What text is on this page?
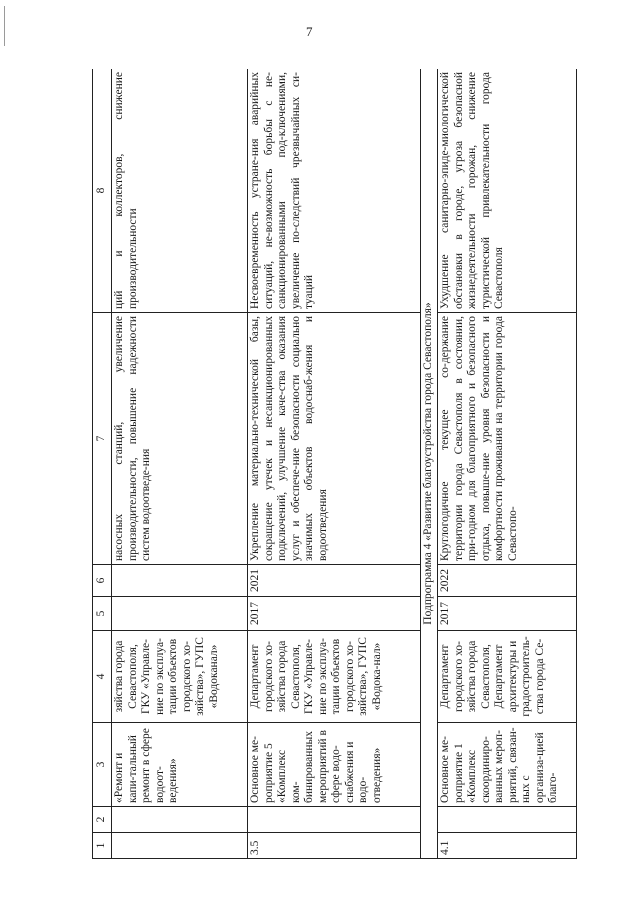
7
1	2	3	4	5	6	7	8
		«Ремонт и капи-тальный ремонт в сфере водоот-ведения»	зяйства города Севастополя, ГКУ «Управле-ние по эксплуа-тации объектов городского хо-зяйства», ГУПС «Водоканал»			насосных станций, увеличение производительности, повышение надежности систем водоотведе-ния	ций и коллекторов, снижение производительности
3.5		Основное ме-роприятие 5 «Комплекс ком-бинированных мероприятий в сфере водо-снабжения и водо-отведения»	Департамент городского хо-зяйства города Севастополя, ГКУ «Управле-ние по эксплуа-тации объектов городского хо-зяйства», ГУПС «Водока-нал»	2017	2021	Укрепление материально-технической базы, сокращение утечек и несанкционированных подключений, улучшение каче-ства оказания услуг и обеспече-ние безопасности социально значимых объектов водоснаб-жения и водоотведения	Несвоевременность устране-ния аварийных ситуаций, не-возможность борьбы с не-санкционированными под-ключениями, увеличение по-следствий чрезвычайных си-туаций
Подпрограмма 4 «Развитие благоустройства города Севастополя»							
4.1		Основное ме-роприятие 1 «Комплекс скоординиро-ванных мероп-риятий, связан-ных с организа-цией благо-	Департамент городского хо-зяйства города Севастополя, Департамент архитектуры и градостроитель-ства города Се-	2017	2022	Круглогодичное текущее со-держание территории города Севастополя в состоянии, при-годном для благоприятного и безопасного отдыха, повыше-ние уровня безопасности и комфортности проживания на территории города Севастопо-	Ухудшение санитарно-эпиде-миологической обстановки в городе, угроза безопасной жизнедеятельности горожан, снижение туристической привлекательности города Севастополя
